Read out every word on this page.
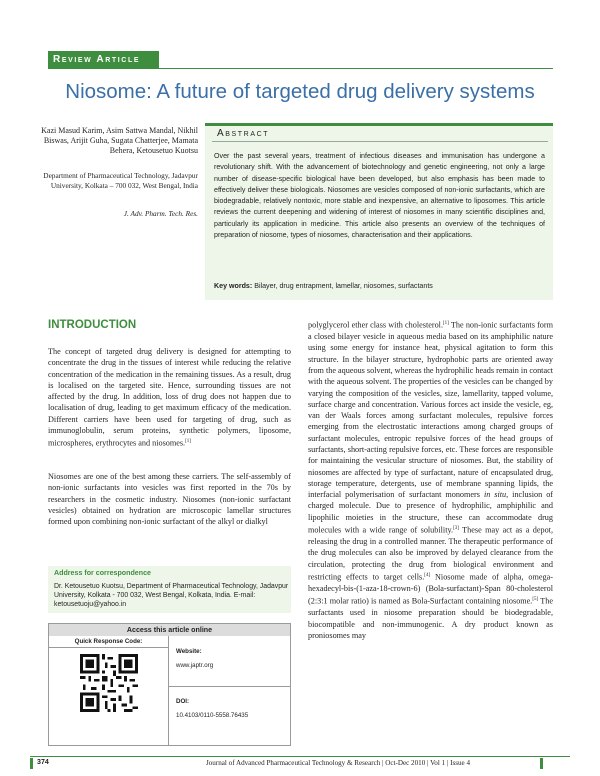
Review Article
Niosome: A future of targeted drug delivery systems
Kazi Masud Karim, Asim Sattwa Mandal, Nikhil Biswas, Arijit Guha, Sugata Chatterjee, Mamata Behera, Ketousetuo Kuotsu
Department of Pharmaceutical Technology, Jadavpur University, Kolkata – 700 032, West Bengal, India
J. Adv. Pharm. Tech. Res.
Abstract
Over the past several years, treatment of infectious diseases and immunisation has undergone a revolutionary shift. With the advancement of biotechnology and genetic engineering, not only a large number of disease-specific biological have been developed, but also emphasis has been made to effectively deliver these biologicals. Niosomes are vesicles composed of non-ionic surfactants, which are biodegradable, relatively nontoxic, more stable and inexpensive, an alternative to liposomes. This article reviews the current deepening and widening of interest of niosomes in many scientific disciplines and, particularly its application in medicine. This article also presents an overview of the techniques of preparation of niosome, types of niosomes, characterisation and their applications.
Key words: Bilayer, drug entrapment, lamellar, niosomes, surfactants
INTRODUCTION

The concept of targeted drug delivery is designed for attempting to concentrate the drug in the tissues of interest while reducing the relative concentration of the medication in the remaining tissues. As a result, drug is localised on the targeted site. Hence, surrounding tissues are not affected by the drug. In addition, loss of drug does not happen due to localisation of drug, leading to get maximum efficacy of the medication. Different carriers have been used for targeting of drug, such as immunoglobulin, serum proteins, synthetic polymers, liposome, microspheres, erythrocytes and niosomes.[1]

Niosomes are one of the best among these carriers. The self-assembly of non-ionic surfactants into vesicles was first reported in the 70s by researchers in the cosmetic industry. Niosomes (non-ionic surfactant vesicles) obtained on hydration are microscopic lamellar structures formed upon combining non-ionic surfactant of the alkyl or dialkyl

Address for correspondence
Dr. Ketousetuo Kuotsu, Department of Pharmaceutical Technology, Jadavpur University, Kolkata - 700 032, West Bengal, Kolkata, India. E-mail: ketousetuoju@yahoo.in
Access this article online
Quick Response Code:
Website:
www.japtr.org
DOI:
10.4103/0110-5558.76435

polyglycerol ether class with cholesterol.[1] The non-ionic surfactants form a closed bilayer vesicle in aqueous media based on its amphiphilic nature using some energy for instance heat, physical agitation to form this structure. In the bilayer structure, hydrophobic parts are oriented away from the aqueous solvent, whereas the hydrophilic heads remain in contact with the aqueous solvent. The properties of the vesicles can be changed by varying the composition of the vesicles, size, lamellarity, tapped volume, surface charge and concentration. Various forces act inside the vesicle, eg, van der Waals forces among surfactant molecules, repulsive forces emerging from the electrostatic interactions among charged groups of surfactant molecules, entropic repulsive forces of the head groups of surfactants, short-acting repulsive forces, etc. These forces are responsible for maintaining the vesicular structure of niosomes. But, the stability of niosomes are affected by type of surfactant, nature of encapsulated drug, storage temperature, detergents, use of membrane spanning lipids, the interfacial polymerisation of surfactant monomers in situ, inclusion of charged molecule. Due to presence of hydrophilic, amphiphilic and lipophilic moieties in the structure, these can accommodate drug molecules with a wide range of solubility.[3] These may act as a depot, releasing the drug in a controlled manner. The therapeutic performance of the drug molecules can also be improved by delayed clearance from the circulation, protecting the drug from biological environment and restricting effects to target cells.[4] Niosome made of alpha, omega-hexadecyl-bis-(1-aza-18-crown-6) (Bola-surfactant)-Span 80-cholesterol (2:3:1 molar ratio) is named as Bola-Surfactant containing niosome.[5] The surfactants used in niosome preparation should be biodegradable, biocompatible and non-immunogenic. A dry product known as proniosomes may

374	Journal of Advanced Pharmaceutical Technology & Research | Oct-Dec 2010 | Vol 1 | Issue 4
